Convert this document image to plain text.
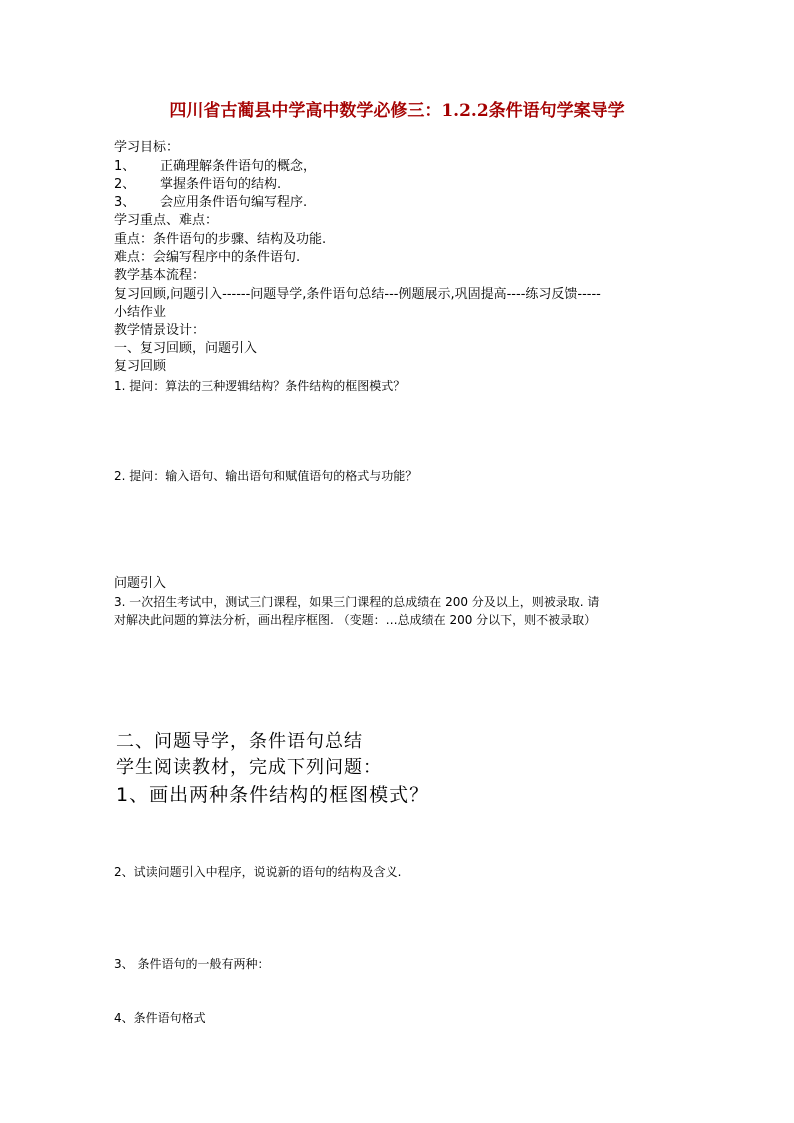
四川省古蔺县中学高中数学必修三：1.2.2条件语句学案导学
学习目标：
1、 正确理解条件语句的概念，
2、 掌握条件语句的结构.
3、 会应用条件语句编写程序.
学习重点、难点：
重点：条件语句的步骤、结构及功能.
难点：会编写程序中的条件语句.
教学基本流程：
复习回顾,问题引入------问题导学,条件语句总结---例题展示,巩固提高----练习反馈-----
小结作业
教学情景设计：
一、复习回顾，问题引入
复习回顾
1. 提问：算法的三种逻辑结构？条件结构的框图模式？
2. 提问：输入语句、输出语句和赋值语句的格式与功能？
问题引入
3. 一次招生考试中，测试三门课程，如果三门课程的总成绩在 200 分及以上，则被录取. 请
对解决此问题的算法分析，画出程序框图. （变题：…总成绩在 200 分以下，则不被录取）
二、问题导学，条件语句总结
学生阅读教材，完成下列问题：
1、画出两种条件结构的框图模式？
2、试读问题引入中程序，说说新的语句的结构及含义.
3、 条件语句的一般有两种：
4、条件语句格式
